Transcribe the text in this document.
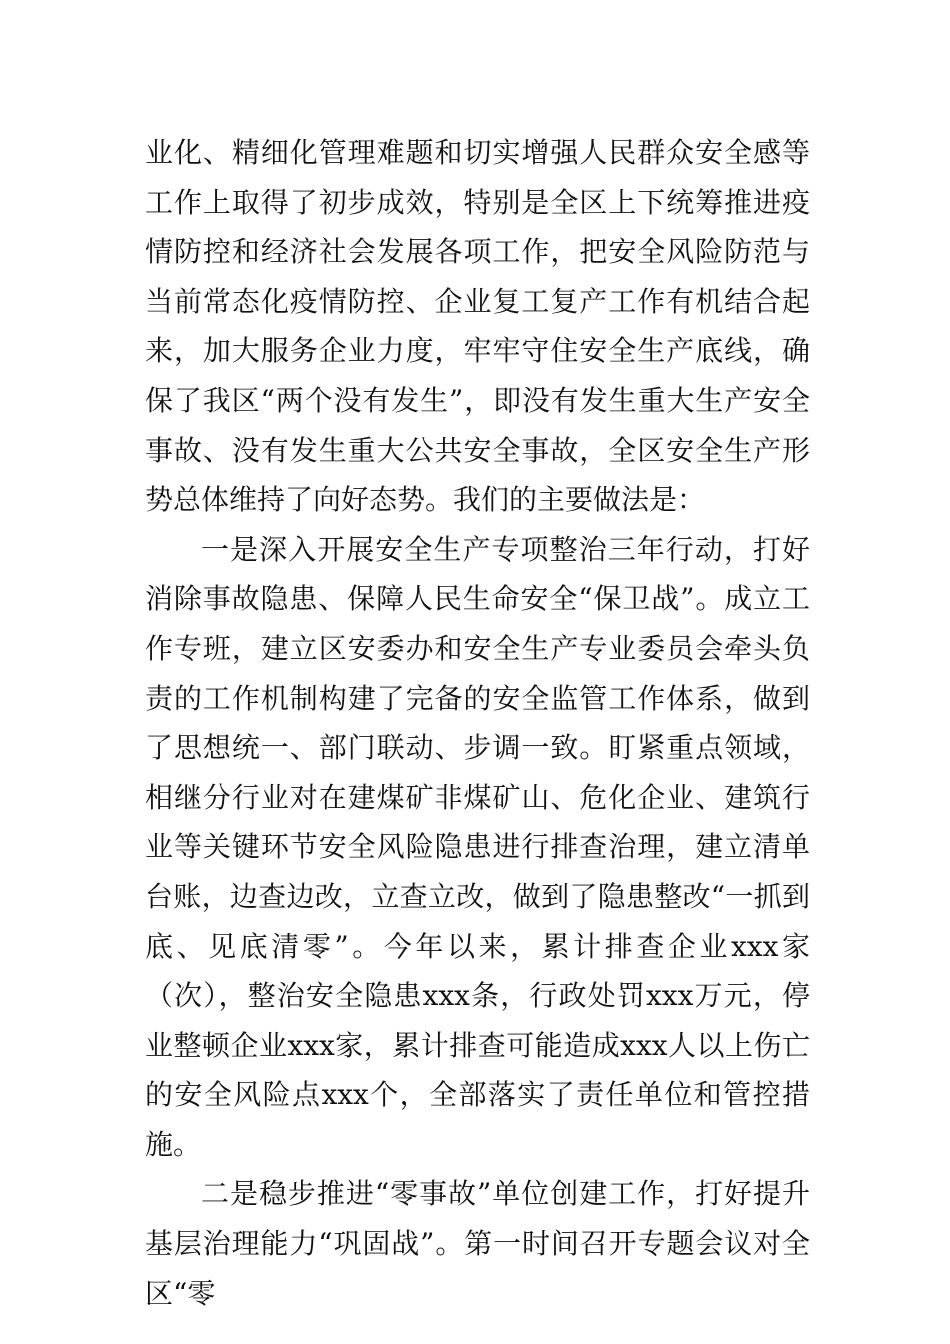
业化、精细化管理难题和切实增强人民群众安全感等工作上取得了初步成效，特别是全区上下统筹推进疫情防控和经济社会发展各项工作，把安全风险防范与当前常态化疫情防控、企业复工复产工作有机结合起来，加大服务企业力度，牢牢守住安全生产底线，确保了我区“两个没有发生”，即没有发生重大生产安全事故、没有发生重大公共安全事故，全区安全生产形势总体维持了向好态势。我们的主要做法是：

一是深入开展安全生产专项整治三年行动，打好消除事故隐患、保障人民生命安全“保卫战”。成立工作专班，建立区安委办和安全生产专业委员会牵头负责的工作机制构建了完备的安全监管工作体系，做到了思想统一、部门联动、步调一致。盯紧重点领域，相继分行业对在建煤矿非煤矿山、危化企业、建筑行业等关键环节安全风险隐患进行排查治理，建立清单台账，边查边改，立查立改，做到了隐患整改“一抓到底、见底清零”。今年以来，累计排查企业xxx家（次），整治安全隐患xxx条，行政处罚xxx万元，停业整顿企业xxx家，累计排查可能造成xxx人以上伤亡的安全风险点xxx个，全部落实了责任单位和管控措施。

二是稳步推进“零事故”单位创建工作，打好提升基层治理能力“巩固战”。第一时间召开专题会议对全区“零
